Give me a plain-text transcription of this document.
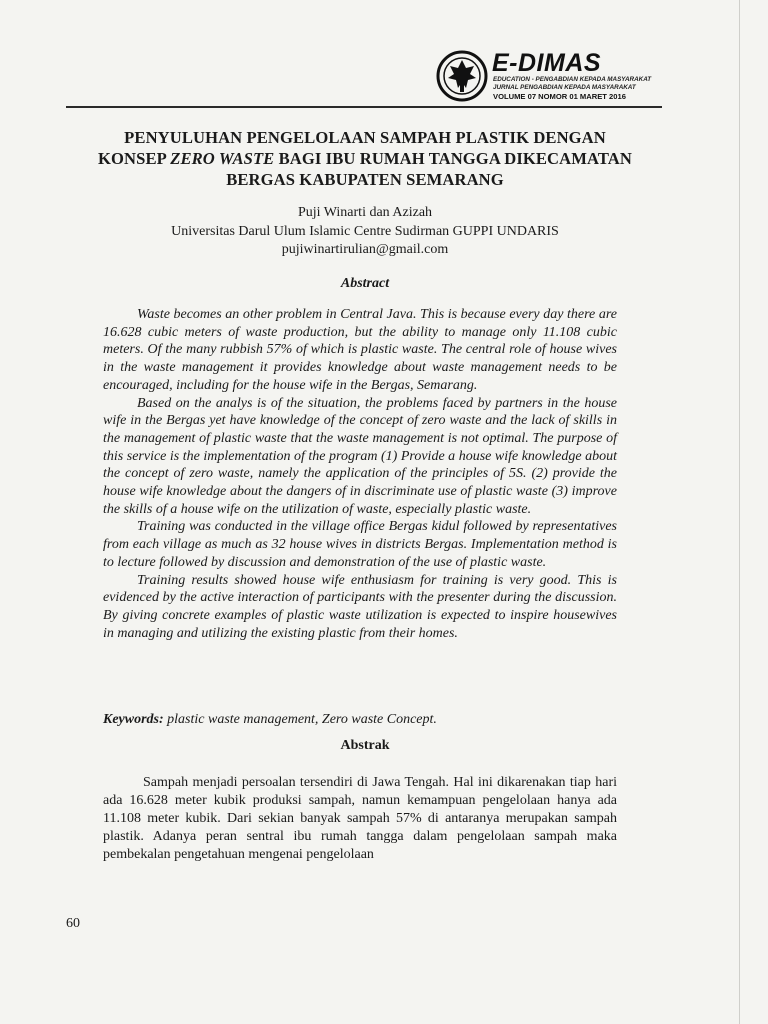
E-DIMAS
EDUCATION - PENGABDIAN KEPADA MASYARAKAT
JURNAL PENGABDIAN KEPADA MASYARAKAT
VOLUME 07 NOMOR 01 MARET 2016
PENYULUHAN PENGELOLAAN SAMPAH PLASTIK DENGAN
KONSEP ZERO WASTE BAGI IBU RUMAH TANGGA DIKECAMATAN
BERGAS KABUPATEN SEMARANG
Puji Winarti dan Azizah
Universitas Darul Ulum Islamic Centre Sudirman GUPPI UNDARIS
pujiwinartirulian@gmail.com
Abstract

Waste becomes an other problem in Central Java. This is because every day there are 16.628 cubic meters of waste production, but the ability to manage only 11.108 cubic meters. Of the many rubbish 57% of which is plastic waste. The central role of house wives in the waste management it provides knowledge about waste management needs to be encouraged, including for the house wife in the Bergas, Semarang.

Based on the analys is of the situation, the problems faced by partners in the house wife in the Bergas yet have knowledge of the concept of zero waste and the lack of skills in the management of plastic waste that the waste management is not optimal. The purpose of this service is the implementation of the program (1) Provide a house wife knowledge about the concept of zero waste, namely the application of the principles of 5S. (2) provide the house wife knowledge about the dangers of in discriminate use of plastic waste (3) improve the skills of a house wife on the utilization of waste, especially plastic waste.

Training was conducted in the village office Bergas kidul followed by representatives from each village as much as 32 house wives in districts Bergas. Implementation method is to lecture followed by discussion and demonstration of the use of plastic waste.

Training results showed house wife enthusiasm for training is very good. This is evidenced by the active interaction of participants with the presenter during the discussion. By giving concrete examples of plastic waste utilization is expected to inspire housewives in managing and utilizing the existing plastic from their homes.

Keywords: plastic waste management, Zero waste Concept.
Abstrak

Sampah menjadi persoalan tersendiri di Jawa Tengah. Hal ini dikarenakan tiap hari ada 16.628 meter kubik produksi sampah, namun kemampuan pengelolaan hanya ada 11.108 meter kubik. Dari sekian banyak sampah 57% di antaranya merupakan sampah plastik. Adanya peran sentral ibu rumah tangga dalam pengelolaan sampah maka pembekalan pengetahuan mengenai pengelolaan

60
